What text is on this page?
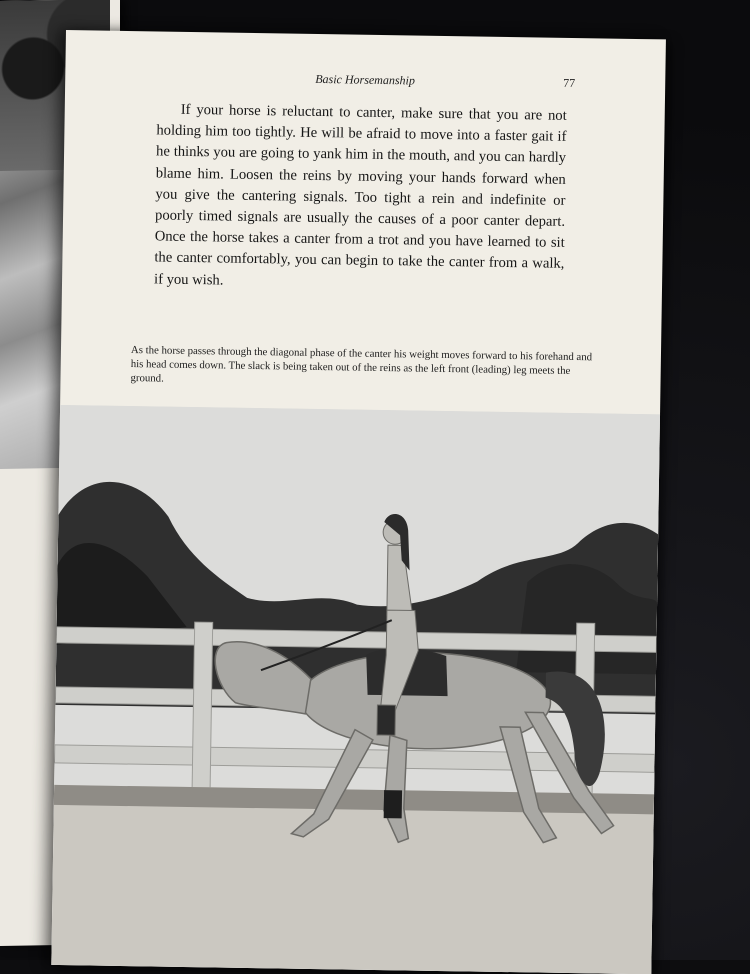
Basic Horsemanship	77

If your horse is reluctant to canter, make sure that you are not holding him too tightly. He will be afraid to move into a faster gait if he thinks you are going to yank him in the mouth, and you can hardly blame him. Loosen the reins by moving your hands forward when you give the cantering signals. Too tight a rein and indefinite or poorly timed signals are usually the causes of a poor canter depart. Once the horse takes a canter from a trot and you have learned to sit the canter comfortably, you can begin to take the canter from a walk, if you wish.

As the horse passes through the diagonal phase of the canter his weight moves forward to his forehand and his head comes down. The slack is being taken out of the reins as the left front (leading) leg meets the ground.
